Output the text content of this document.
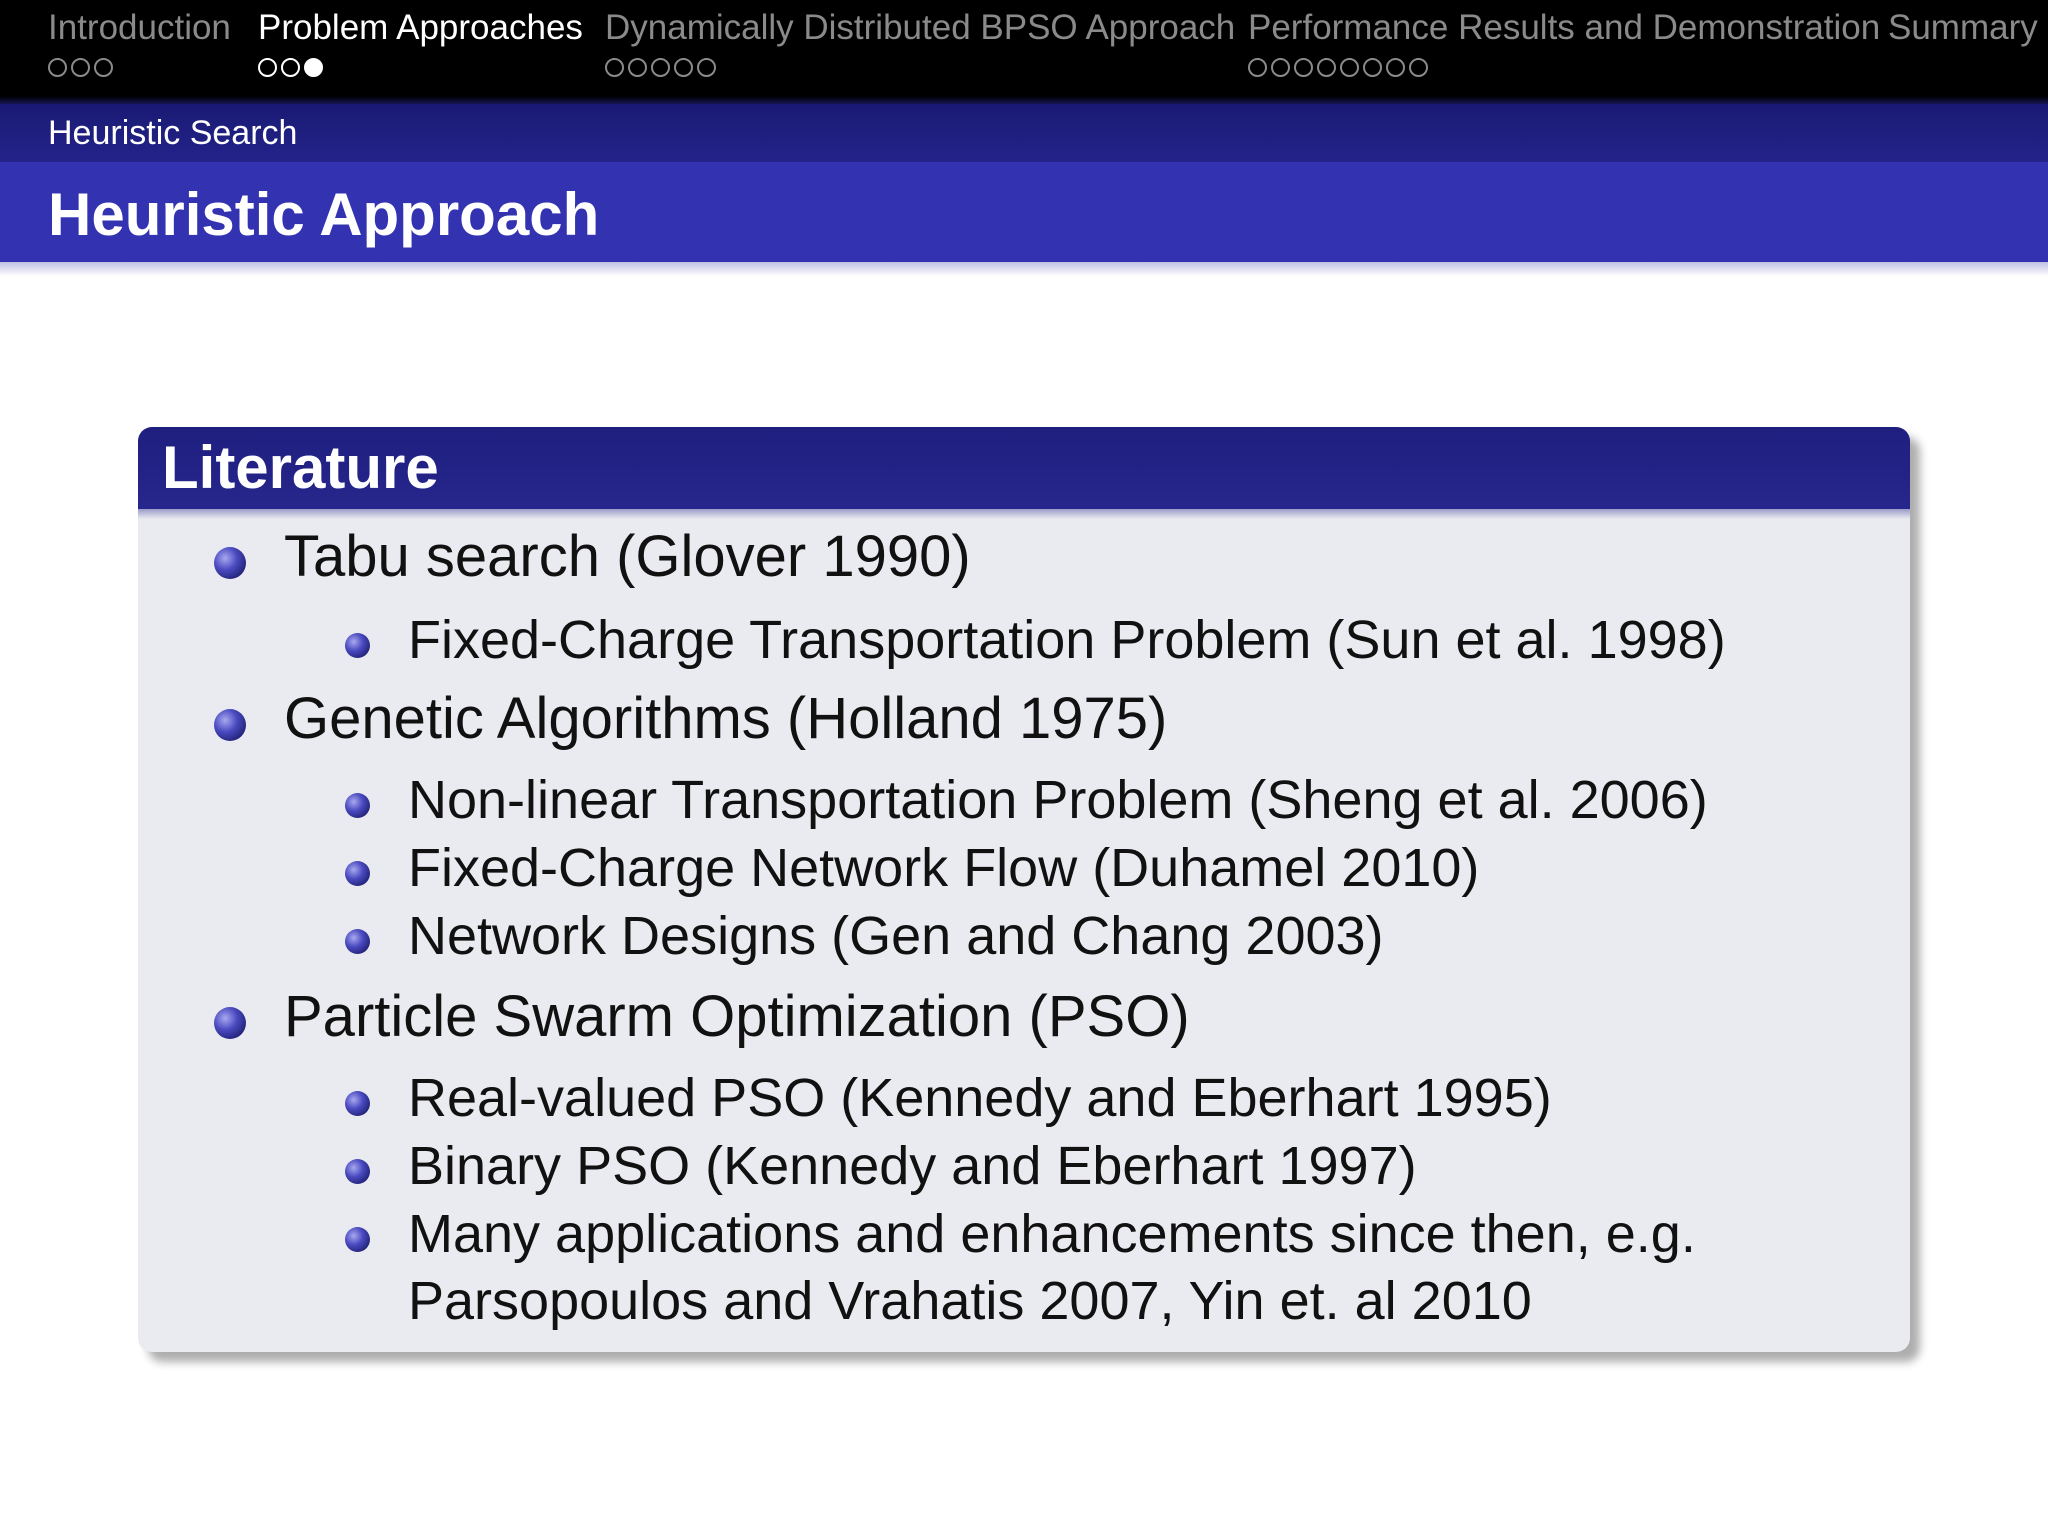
Introduction Problem Approaches Dynamically Distributed BPSO Approach Performance Results and Demonstration Summary
Heuristic Search
Heuristic Approach
Literature
Tabu search (Glover 1990)
Fixed-Charge Transportation Problem (Sun et al. 1998)
Genetic Algorithms (Holland 1975)
Non-linear Transportation Problem (Sheng et al. 2006)
Fixed-Charge Network Flow (Duhamel 2010)
Network Designs (Gen and Chang 2003)
Particle Swarm Optimization (PSO)
Real-valued PSO (Kennedy and Eberhart 1995)
Binary PSO (Kennedy and Eberhart 1997)
Many applications and enhancements since then, e.g.
Parsopoulos and Vrahatis 2007, Yin et. al 2010
